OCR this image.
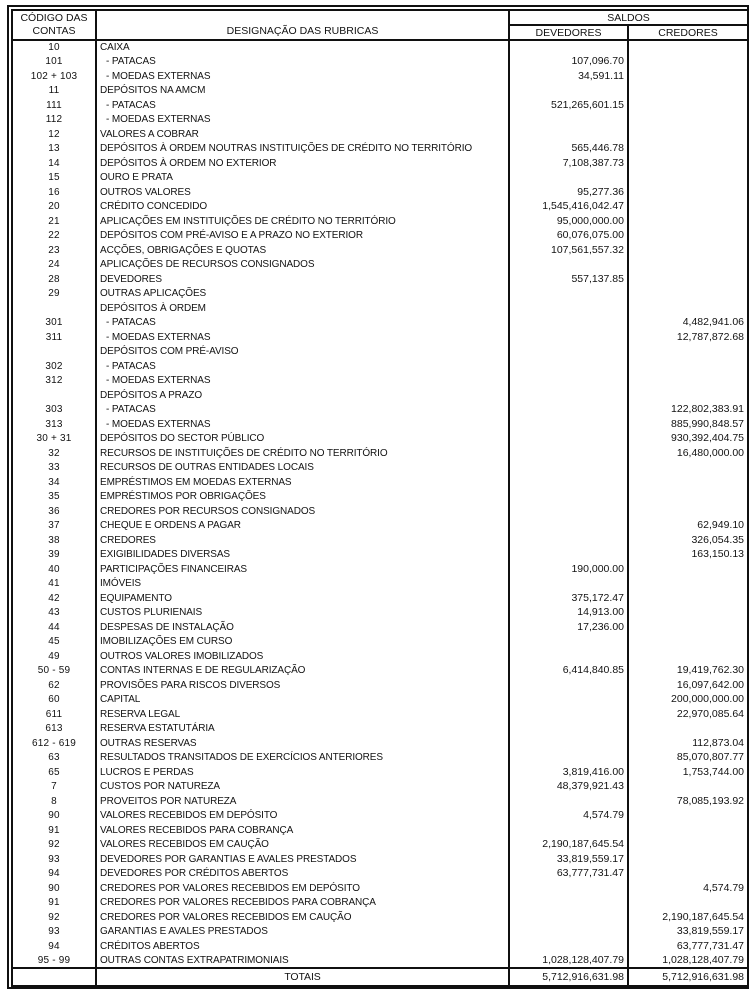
CÓDIGO DAS
CONTAS	DESIGNAÇÃO DAS RUBRICAS	SALDOS	
		DEVEDORES	CREDORES
10	CAIXA		
101	- PATACAS	107,096.70	
102 + 103	- MOEDAS EXTERNAS	34,591.11	
11	DEPÓSITOS NA AMCM		
111	- PATACAS	521,265,601.15	
112	- MOEDAS EXTERNAS		
12	VALORES A COBRAR		
13	DEPÓSITOS À ORDEM NOUTRAS INSTITUIÇÕES DE CRÉDITO NO TERRITÓRIO	565,446.78	
14	DEPÓSITOS À ORDEM NO EXTERIOR	7,108,387.73	
15	OURO E PRATA		
16	OUTROS VALORES	95,277.36	
20	CRÉDITO CONCEDIDO	1,545,416,042.47	
21	APLICAÇÕES EM INSTITUIÇÕES DE CRÉDITO NO TERRITÓRIO	95,000,000.00	
22	DEPÓSITOS COM PRÉ-AVISO E A PRAZO NO EXTERIOR	60,076,075.00	
23	ACÇÕES, OBRIGAÇÕES E QUOTAS	107,561,557.32	
24	APLICAÇÕES DE RECURSOS CONSIGNADOS		
28	DEVEDORES	557,137.85	
29	OUTRAS APLICAÇÕES		
	DEPÓSITOS À ORDEM		
301	- PATACAS		4,482,941.06
311	- MOEDAS EXTERNAS		12,787,872.68
	DEPÓSITOS COM PRÉ-AVISO		
302	- PATACAS		
312	- MOEDAS EXTERNAS		
	DEPÓSITOS A PRAZO		
303	- PATACAS		122,802,383.91
313	- MOEDAS EXTERNAS		885,990,848.57
30 + 31	DEPÓSITOS DO SECTOR PÚBLICO		930,392,404.75
32	RECURSOS DE INSTITUIÇÕES DE CRÉDITO NO TERRITÓRIO		16,480,000.00
33	RECURSOS DE OUTRAS ENTIDADES LOCAIS		
34	EMPRÉSTIMOS EM MOEDAS EXTERNAS		
35	EMPRÉSTIMOS POR OBRIGAÇÕES		
36	CREDORES POR RECURSOS CONSIGNADOS		
37	CHEQUE E ORDENS A PAGAR		62,949.10
38	CREDORES		326,054.35
39	EXIGIBILIDADES DIVERSAS		163,150.13
40	PARTICIPAÇÕES FINANCEIRAS	190,000.00	
41	IMÓVEIS		
42	EQUIPAMENTO	375,172.47	
43	CUSTOS PLURIENAIS	14,913.00	
44	DESPESAS DE INSTALAÇÃO	17,236.00	
45	IMOBILIZAÇÕES EM CURSO		
49	OUTROS VALORES IMOBILIZADOS		
50 - 59	CONTAS INTERNAS E DE REGULARIZAÇÃO	6,414,840.85	19,419,762.30
62	PROVISÕES PARA RISCOS DIVERSOS		16,097,642.00
60	CAPITAL		200,000,000.00
611	RESERVA LEGAL		22,970,085.64
613	RESERVA ESTATUTÁRIA		
612 - 619	OUTRAS RESERVAS		112,873.04
63	RESULTADOS TRANSITADOS DE EXERCÍCIOS ANTERIORES		85,070,807.77
65	LUCROS E PERDAS	3,819,416.00	1,753,744.00
7	CUSTOS POR NATUREZA	48,379,921.43	
8	PROVEITOS POR NATUREZA		78,085,193.92
90	VALORES RECEBIDOS EM DEPÓSITO	4,574.79	
91	VALORES RECEBIDOS PARA COBRANÇA		
92	VALORES RECEBIDOS EM CAUÇÃO	2,190,187,645.54	
93	DEVEDORES POR GARANTIAS E AVALES PRESTADOS	33,819,559.17	
94	DEVEDORES POR CRÉDITOS ABERTOS	63,777,731.47	
90	CREDORES POR VALORES RECEBIDOS EM DEPÓSITO		4,574.79
91	CREDORES POR VALORES RECEBIDOS PARA COBRANÇA		
92	CREDORES POR VALORES RECEBIDOS EM CAUÇÃO		2,190,187,645.54
93	GARANTIAS E AVALES PRESTADOS		33,819,559.17
94	CRÉDITOS ABERTOS		63,777,731.47
95 - 99	OUTRAS CONTAS EXTRAPATRIMONIAIS	1,028,128,407.79	1,028,128,407.79
	TOTAIS	5,712,916,631.98	5,712,916,631.98
